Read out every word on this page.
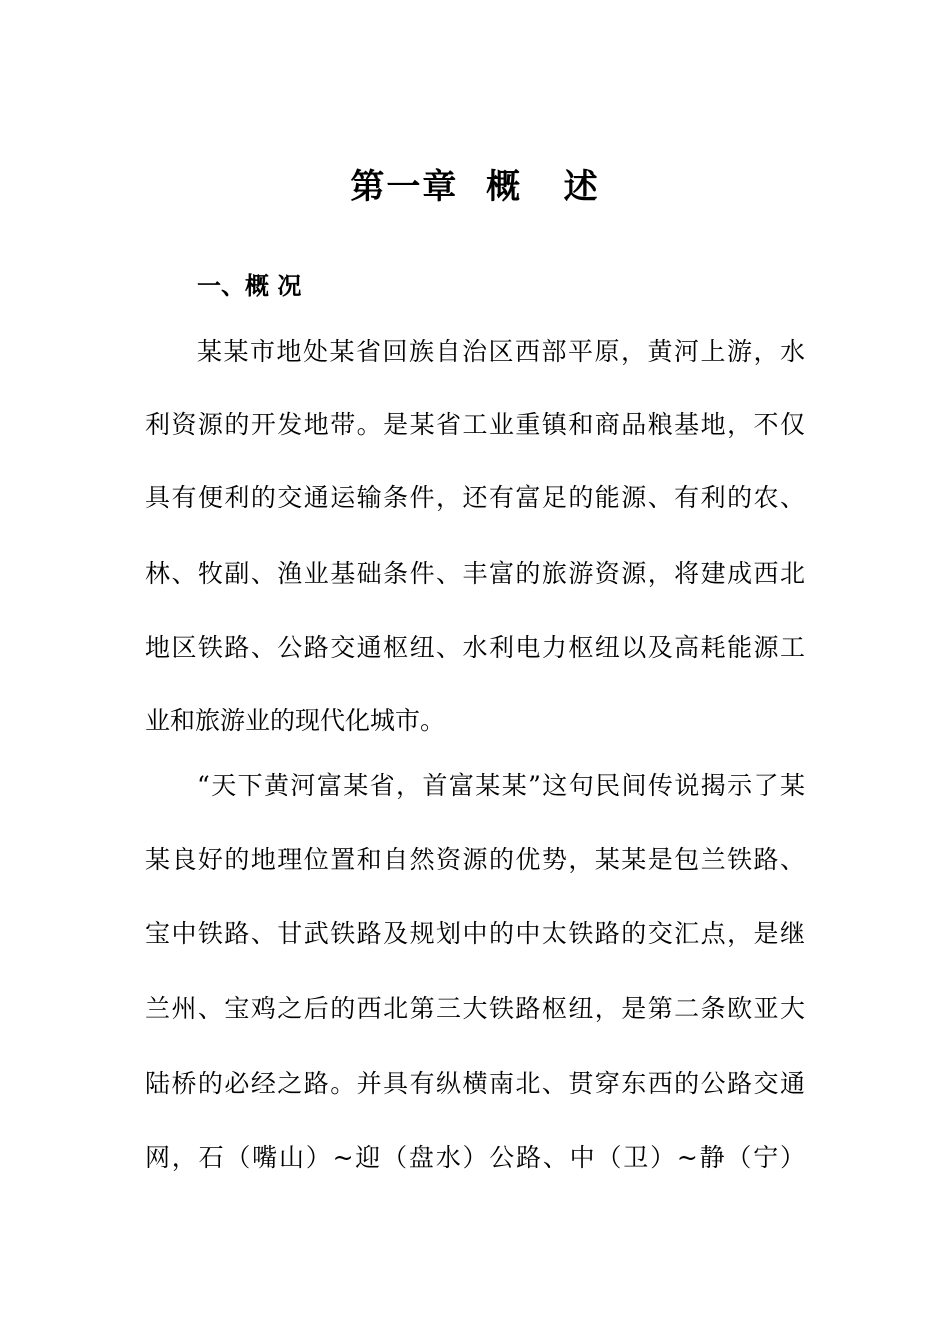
第一章  概   述
一、概 况
某某市地处某省回族自治区西部平原，黄河上游，水
利资源的开发地带。是某省工业重镇和商品粮基地，不仅
具有便利的交通运输条件，还有富足的能源、有利的农、
林、牧副、渔业基础条件、丰富的旅游资源，将建成西北
地区铁路、公路交通枢纽、水利电力枢纽以及高耗能源工
业和旅游业的现代化城市。
“天下黄河富某省，首富某某”这句民间传说揭示了某
某良好的地理位置和自然资源的优势，某某是包兰铁路、
宝中铁路、甘武铁路及规划中的中太铁路的交汇点，是继
兰州、宝鸡之后的西北第三大铁路枢纽，是第二条欧亚大
陆桥的必经之路。并具有纵横南北、贯穿东西的公路交通
网，石（嘴山）~迎（盘水）公路、中（卫）~静（宁）
